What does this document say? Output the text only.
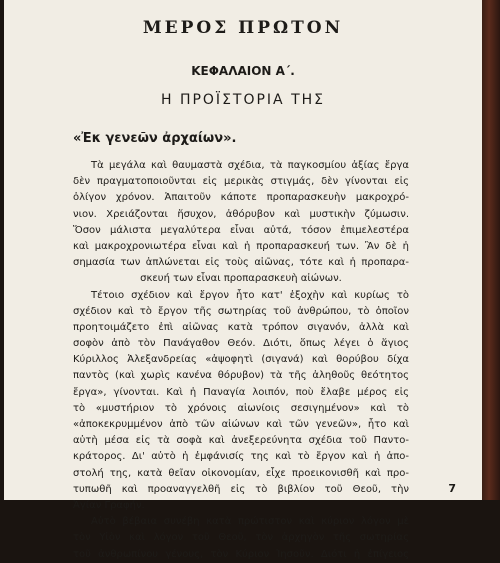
ΜΕΡΟΣ ΠΡΩΤΟΝ
ΚΕΦΑΛΑΙΟΝ Α΄.
Η ΠΡΟΪΣΤΟΡΙΑ ΤΗΣ
«Ἐκ γενεῶν ἀρχαίων».
Τὰ μεγάλα καὶ θαυμαστὰ σχέδια, τὰ παγκοσμίου ἀξίας ἔργα
δὲν πραγματοποιοῦνται εἰς μερικὰς στιγμάς, δὲν γίνονται εἰς
ὀλίγον χρόνον. Ἀπαιτοῦν κάποτε προπαρασκευὴν μακροχρό-
νιον. Χρειάζονται ἥσυχον, ἀθόρυβον καὶ μυστικὴν ζύμωσιν.
Ὅσον μάλιστα μεγαλύτερα εἶναι αὐτά, τόσον ἐπιμελεστέρα
καὶ μακροχρονιωτέρα εἶναι καὶ ἡ προπαρασκευή των. Ἂν δὲ ἡ
σημασία των ἁπλώνεται εἰς τοὺς αἰῶνας, τότε καὶ ἡ προπαρα-
σκευή των εἶναι προπαρασκευὴ αἰώνων.
Τέτοιο σχέδιον καὶ ἔργον ἦτο κατ' ἐξοχὴν καὶ κυρίως τὸ
σχέδιον καὶ τὸ ἔργον τῆς σωτηρίας τοῦ ἀνθρώπου, τὸ ὁποῖον
προητοιμάζετο ἐπὶ αἰῶνας κατὰ τρόπον σιγανόν, ἀλλὰ καὶ
σοφὸν ἀπὸ τὸν Πανάγαθον Θεόν. Διότι, ὅπως λέγει ὁ ἅγιος
Κύριλλος Ἀλεξανδρείας «ἀψοφητὶ (σιγανά) καὶ θορύβου δίχα
παντὸς (καὶ χωρὶς κανένα θόρυβον) τὰ τῆς ἀληθοῦς θεότητος
ἔργα», γίνονται. Καὶ ἡ Παναγία λοιπόν, ποὺ ἔλαβε μέρος εἰς
τὸ «μυστήριον τὸ χρόνοις αἰωνίοις σεσιγημένον» καὶ τὸ
«ἀποκεκρυμμένον ἀπὸ τῶν αἰώνων καὶ τῶν γενεῶν», ἦτο καὶ
αὐτὴ μέσα εἰς τὰ σοφὰ καὶ ἀνεξερεύνητα σχέδια τοῦ Παντο-
κράτορος. Δι' αὐτὸ ἡ ἐμφάνισίς της καὶ τὸ ἔργον καὶ ἡ ἀπο-
στολή της, κατὰ θεῖαν οἰκονομίαν, εἶχε προεικονισθῆ καὶ προ-
τυπωθῆ καὶ προαναγγελθῆ εἰς τὸ βιβλίον τοῦ Θεοῦ, τὴν
Ἁγίαν Γραφήν.
Αὐτὸ βέβαια συνέβη κατὰ πρώτιστον καὶ κύριον λόγον μὲ
τὸν Υἱὸν καὶ λόγον τοῦ Θεοῦ, τὸν ἀρχηγὸν τῆς σωτηρίας
τοῦ ἀνθρωπίνου γένους, τὸν Κύριον Ἰησοῦν. Διότι ἡ ἐπίγειος
7
